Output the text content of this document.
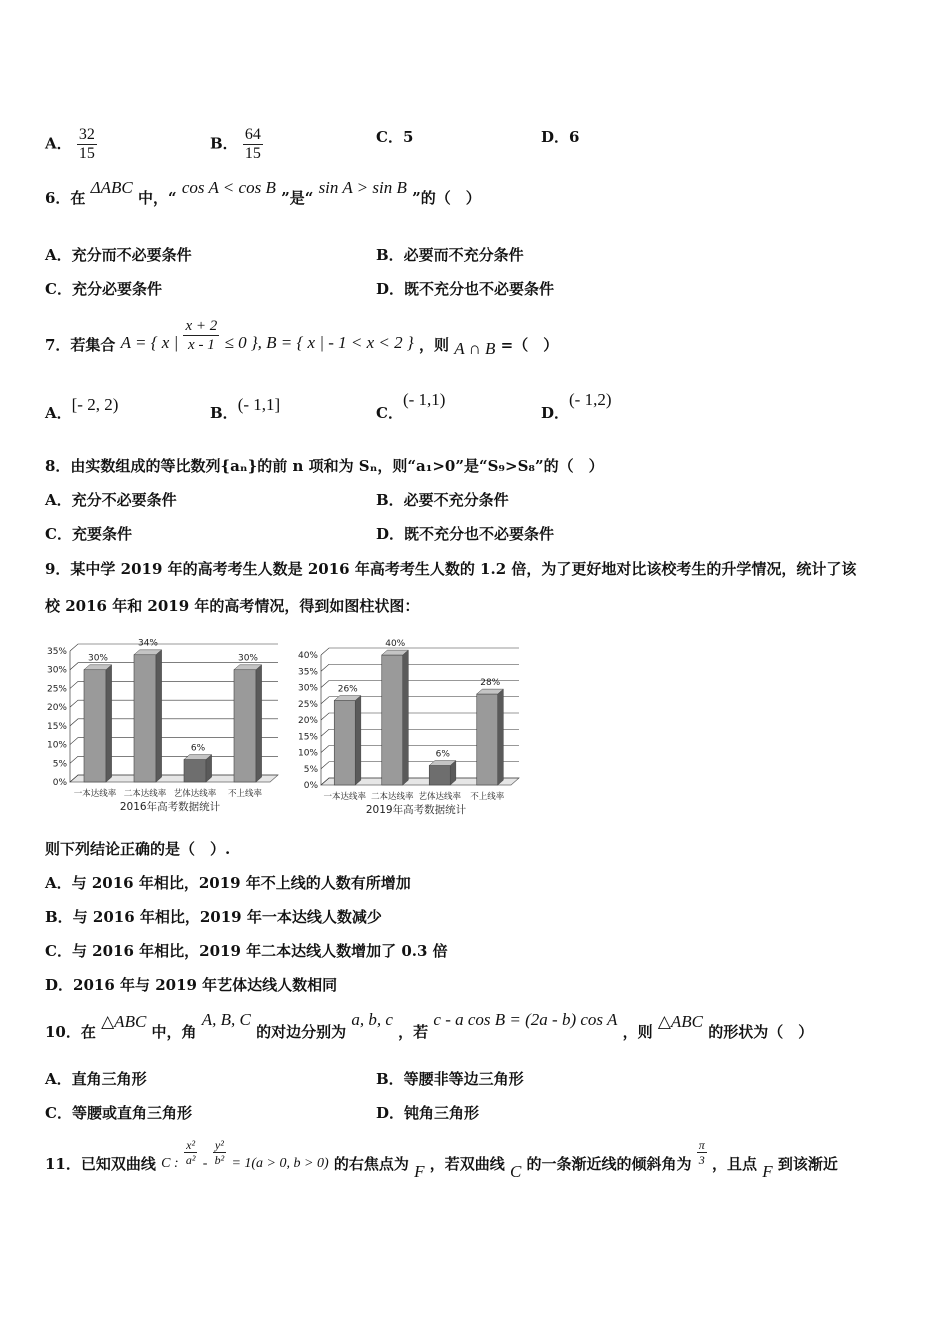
A． $\frac{32}{15}$	B． $\frac{64}{15}$	C．5	D．6
6．在 ΔABC 中，“ cos A < cos B ”是“ sin A > sin B ”的（　）
A．充分而不必要条件	B．必要而不充分条件
C．充分必要条件	D．既不充分也不必要条件
7．若集合 A = { x | $\frac{x + 2}{x - 1} \le 0$ }, B = { x | - 1 < x < 2 } ，则 A ∩ B =（　）
A．[- 2, 2)	B．(- 1,1]	C．(- 1,1)
D．(- 1,2)
8．由实数组成的等比数列{aₙ}的前 n 项和为 Sₙ，则“a₁>0”是“S₉>S₈”的（　）
A．充分不必要条件	B．必要不充分条件
C．充要条件	D．既不充分也不必要条件
9．某中学 2019 年的高考考生人数是 2016 年高考考生人数的 1.2 倍，为了更好地对比该校考生的升学情况，统计了该
校 2016 年和 2019 年的高考情况，得到如图柱状图：
0%
5%
10%
15%
20%
25%
30%
35%
30%
一本达线率
34%
二本达线率
6%
艺体达线率
30%
不上线率
2016年高考数据统计
0%
5%
10%
15%
20%
25%
30%
35%
40%
26%
一本达线率
40%
二本达线率
6%
艺体达线率
28%
不上线率
2019年高考数据统计
则下列结论正确的是（　）.
A．与 2016 年相比，2019 年不上线的人数有所增加
B．与 2016 年相比，2019 年一本达线人数减少
C．与 2016 年相比，2019 年二本达线人数增加了 0.3 倍
D．2016 年与 2019 年艺体达线人数相同
10．在 △ABC 中，角 A, B, C 的对边分别为 a, b, c ，若 c - a cos B = (2a - b) cos A ，则 △ABC 的形状为（　）
A．直角三角形	B．等腰非等边三角形
C．等腰或直角三角形	D．钝角三角形
11．已知双曲线 C : $\frac{\text{x²}}{\text{a²}} - \frac{\text{y²}}{\text{b²}} = 1(a > 0$, b > 0) 的右焦点为 F ，若双曲线 C 的一条渐近线的倾斜角为 $\frac{\pi}{3}$ ，且点 F 到该渐近
